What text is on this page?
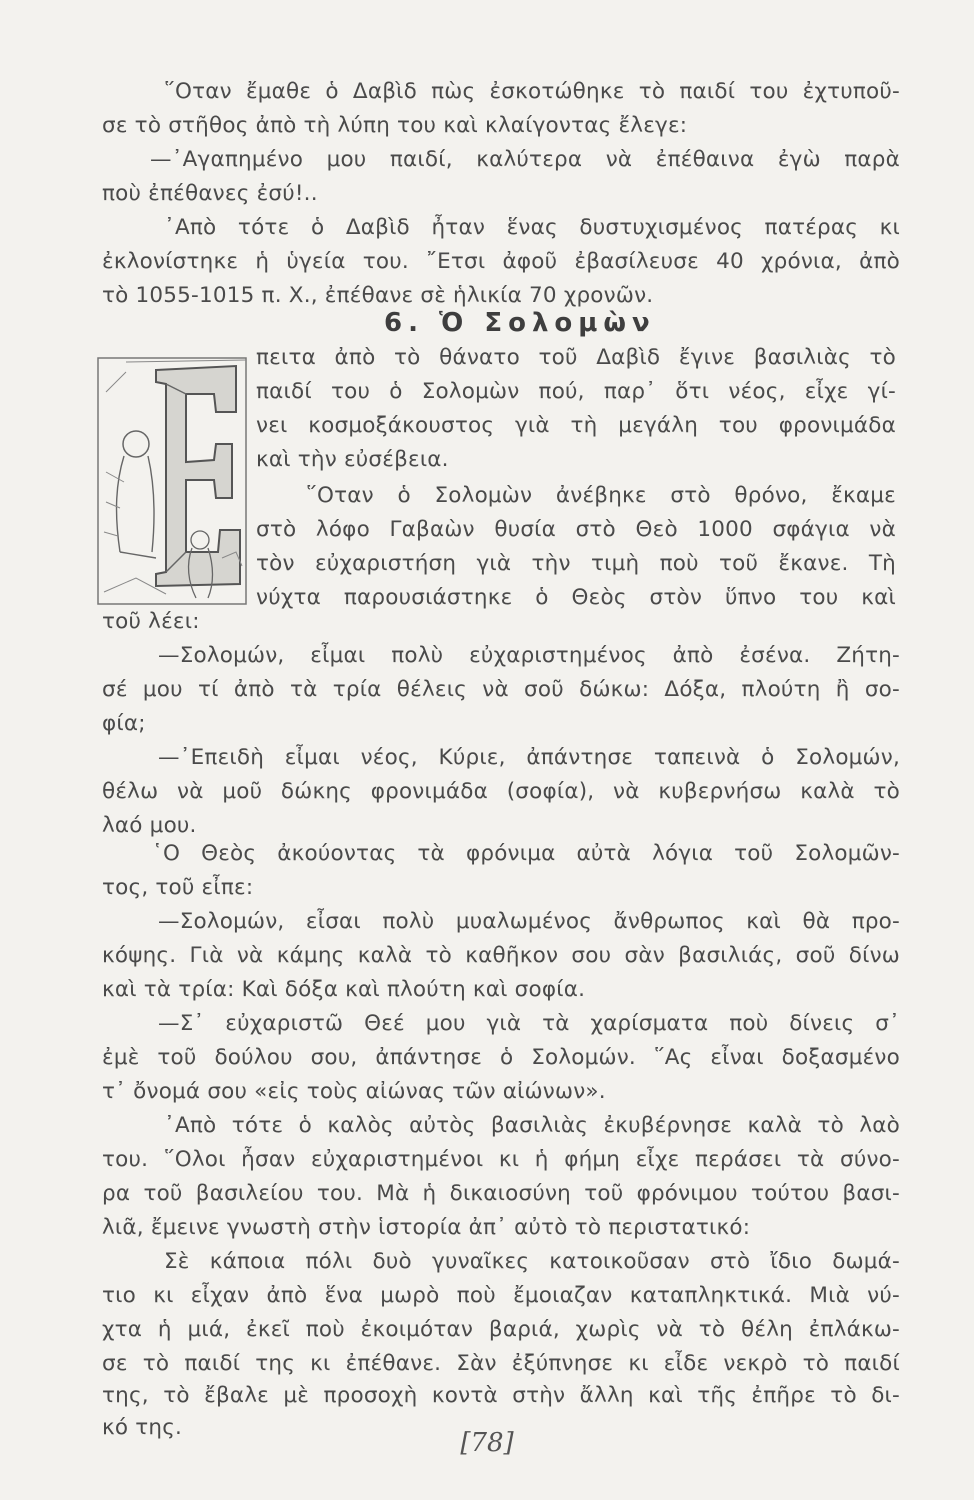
῞Οταν ἔμαθε ὁ Δαβὶδ πὼς ἐσκοτώθηκε τὸ παιδί του ἐχτυποῦ-
σε τὸ στῆθος ἀπὸ τὴ λύπη του καὶ κλαίγοντας ἔλεγε:
—᾿Αγαπημένο μου παιδί, καλύτερα νὰ ἐπέθαινα ἐγὼ παρὰ
ποὺ ἐπέθανες ἐσύ!..
᾿Απὸ τότε ὁ Δαβὶδ ἦταν ἕνας δυστυχισμένος πατέρας κι
ἐκλονίστηκε ἡ ὑγεία του. ῎Ετσι ἀφοῦ ἐβασίλευσε 40 χρόνια, ἀπὸ
τὸ 1055-1015 π. Χ., ἐπέθανε σὲ ἡλικία 70 χρονῶν.
6. Ὁ Σολομὼν
πειτα ἀπὸ τὸ θάνατο τοῦ Δαβὶδ ἔγινε βασιλιὰς τὸ
παιδί του ὁ Σολομὼν πού, παρ᾿ ὅτι νέος, εἶχε γί-
νει κοσμοξάκουστος γιὰ τὴ μεγάλη του φρονιμάδα
καὶ τὴν εὐσέβεια.
῞Οταν ὁ Σολομὼν ἀνέβηκε στὸ θρόνο, ἔκαμε
στὸ λόφο Γαβαὼν θυσία στὸ Θεὸ 1000 σφάγια νὰ
τὸν εὐχαριστήση γιὰ τὴν τιμὴ ποὺ τοῦ ἔκανε. Τὴ
νύχτα παρουσιάστηκε ὁ Θεὸς στὸν ὕπνο του καὶ
τοῦ λέει:
—Σολομών, εἶμαι πολὺ εὐχαριστημένος ἀπὸ ἐσένα. Ζήτη-
σέ μου τί ἀπὸ τὰ τρία θέλεις νὰ σοῦ δώκω: Δόξα, πλούτη ἢ σο-
φία;
—᾿Επειδὴ εἶμαι νέος, Κύριε, ἀπάντησε ταπεινὰ ὁ Σολομών,
θέλω νὰ μοῦ δώκης φρονιμάδα (σοφία), νὰ κυβερνήσω καλὰ τὸ
λαό μου.
῾Ο Θεὸς ἀκούοντας τὰ φρόνιμα αὐτὰ λόγια τοῦ Σολομῶν-
τος, τοῦ εἶπε:
—Σολομών, εἶσαι πολὺ μυαλωμένος ἄνθρωπος καὶ θὰ προ-
κόψης. Γιὰ νὰ κάμης καλὰ τὸ καθῆκον σου σὰν βασιλιάς, σοῦ δίνω
καὶ τὰ τρία: Καὶ δόξα καὶ πλούτη καὶ σοφία.
—Σ᾿ εὐχαριστῶ Θεέ μου γιὰ τὰ χαρίσματα ποὺ δίνεις σ᾿
ἐμὲ τοῦ δούλου σου, ἀπάντησε ὁ Σολομών. ῞Ας εἶναι δοξασμένο
τ᾿ ὄνομά σου «εἰς τοὺς αἰώνας τῶν αἰώνων».
᾿Απὸ τότε ὁ καλὸς αὐτὸς βασιλιὰς ἐκυβέρνησε καλὰ τὸ λαὸ
του. ῞Ολοι ἦσαν εὐχαριστημένοι κι ἡ φήμη εἶχε περάσει τὰ σύνο-
ρα τοῦ βασιλείου του. Μὰ ἡ δικαιοσύνη τοῦ φρόνιμου τούτου βασι-
λιᾶ, ἔμεινε γνωστὴ στὴν ἱστορία ἀπ᾿ αὐτὸ τὸ περιστατικό:
Σὲ κάποια πόλι δυὸ γυναῖκες κατοικοῦσαν στὸ ἴδιο δωμά-
τιο κι εἶχαν ἀπὸ ἕνα μωρὸ ποὺ ἔμοιαζαν καταπληκτικά. Μιὰ νύ-
χτα ἡ μιά, ἐκεῖ ποὺ ἐκοιμόταν βαριά, χωρὶς νὰ τὸ θέλη ἐπλάκω-
σε τὸ παιδί της κι ἐπέθανε. Σὰν ἐξύπνησε κι εἶδε νεκρὸ τὸ παιδί
της, τὸ ἔβαλε μὲ προσοχὴ κοντὰ στὴν ἄλλη καὶ τῆς ἐπῆρε τὸ δι-
κό της.
[78]
